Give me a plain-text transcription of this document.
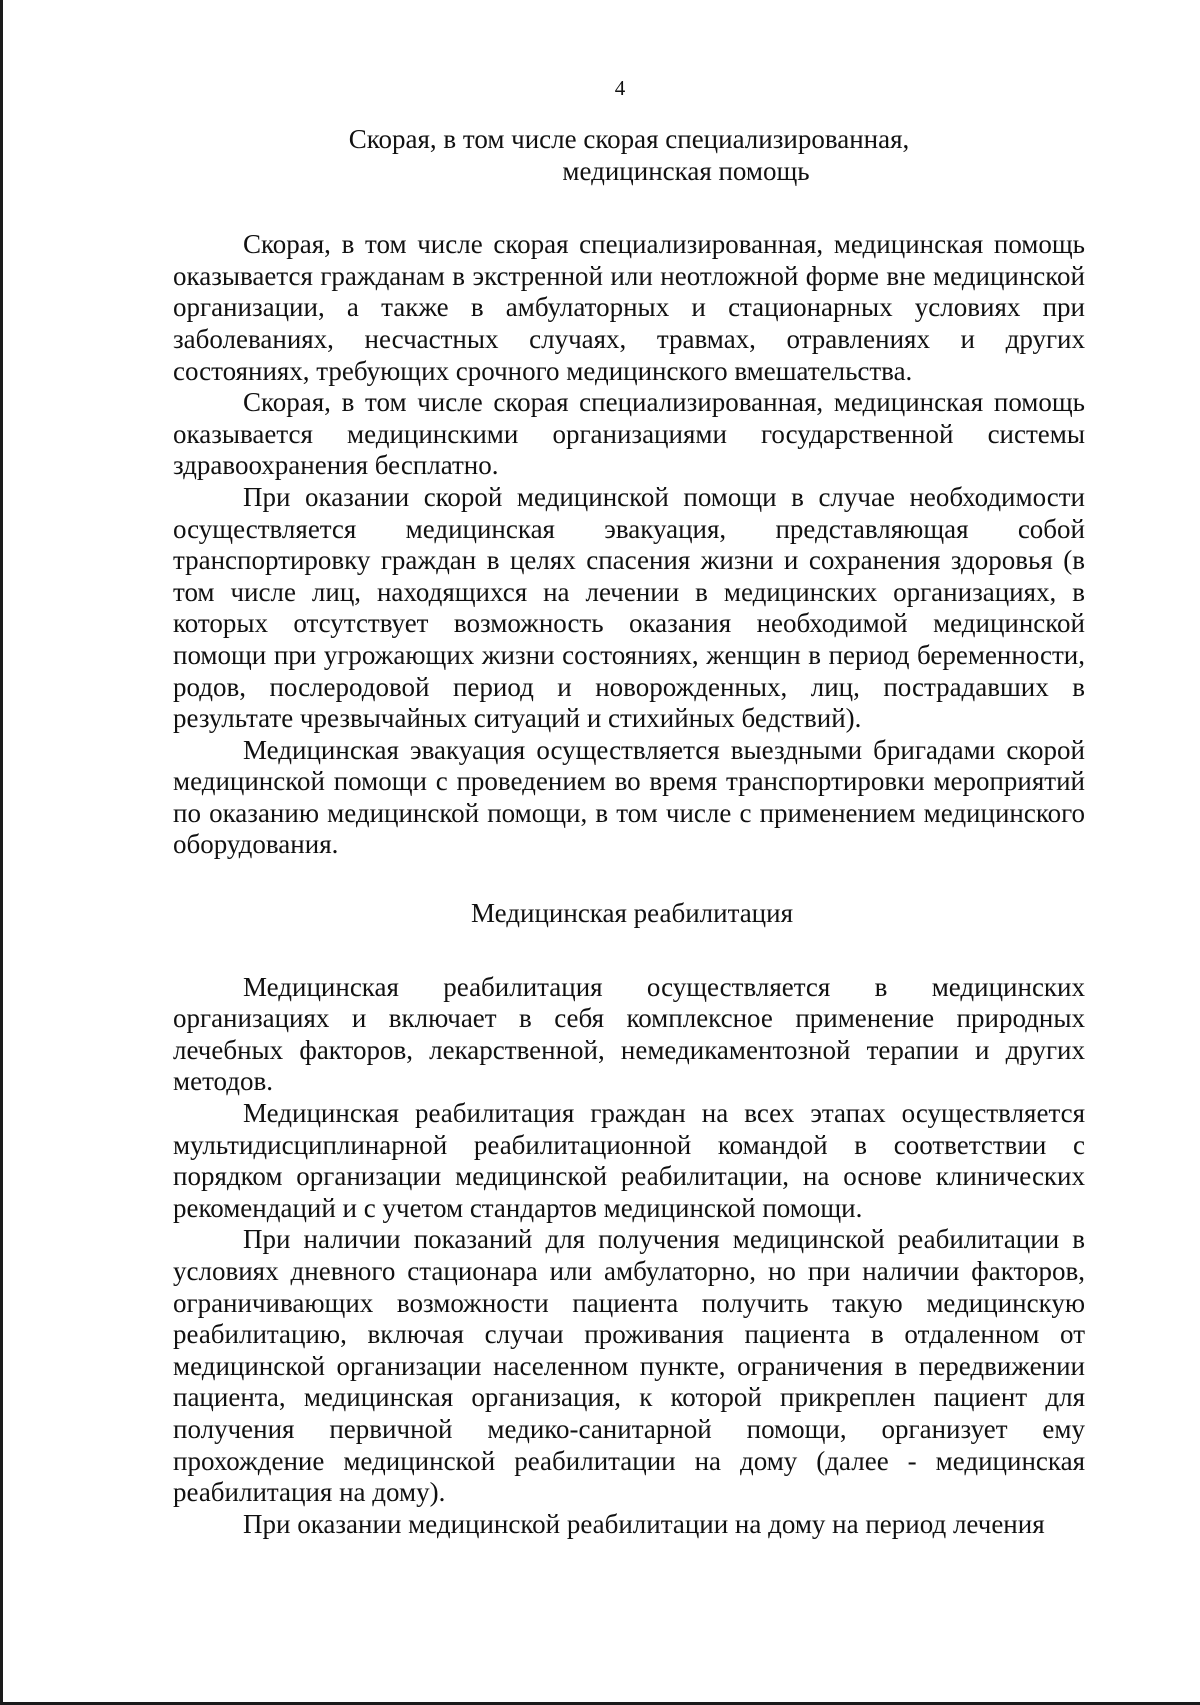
4
Скорая, в том числе скорая специализированная,
медицинская помощь

Скорая, в том числе скорая специализированная, медицинская помощь оказывается гражданам в экстренной или неотложной форме вне медицинской организации, а также в амбулаторных и стационарных условиях при заболеваниях, несчастных случаях, травмах, отравлениях и других состояниях, требующих срочного медицинского вмешательства.

Скорая, в том числе скорая специализированная, медицинская помощь оказывается медицинскими организациями государственной системы здравоохранения бесплатно.

При оказании скорой медицинской помощи в случае необходимости осуществляется медицинская эвакуация, представляющая собой транспортировку граждан в целях спасения жизни и сохранения здоровья (в том числе лиц, находящихся на лечении в медицинских организациях, в которых отсутствует возможность оказания необходимой медицинской помощи при угрожающих жизни состояниях, женщин в период беременности, родов, послеродовой период и новорожденных, лиц, пострадавших в результате чрезвычайных ситуаций и стихийных бедствий).

Медицинская эвакуация осуществляется выездными бригадами скорой медицинской помощи с проведением во время транспортировки мероприятий по оказанию медицинской помощи, в том числе с применением медицинского оборудования.

Медицинская реабилитация

Медицинская реабилитация осуществляется в медицинских организациях и включает в себя комплексное применение природных лечебных факторов, лекарственной, немедикаментозной терапии и других методов.

Медицинская реабилитация граждан на всех этапах осуществляется мультидисциплинарной реабилитационной командой в соответствии с порядком организации медицинской реабилитации, на основе клинических рекомендаций и с учетом стандартов медицинской помощи.

При наличии показаний для получения медицинской реабилитации в условиях дневного стационара или амбулаторно, но при наличии факторов, ограничивающих возможности пациента получить такую медицинскую реабилитацию, включая случаи проживания пациента в отдаленном от медицинской организации населенном пункте, ограничения в передвижении пациента, медицинская организация, к которой прикреплен пациент для получения первичной медико-санитарной помощи, организует ему прохождение медицинской реабилитации на дому (далее - медицинская реабилитация на дому).

При оказании медицинской реабилитации на дому на период лечения
